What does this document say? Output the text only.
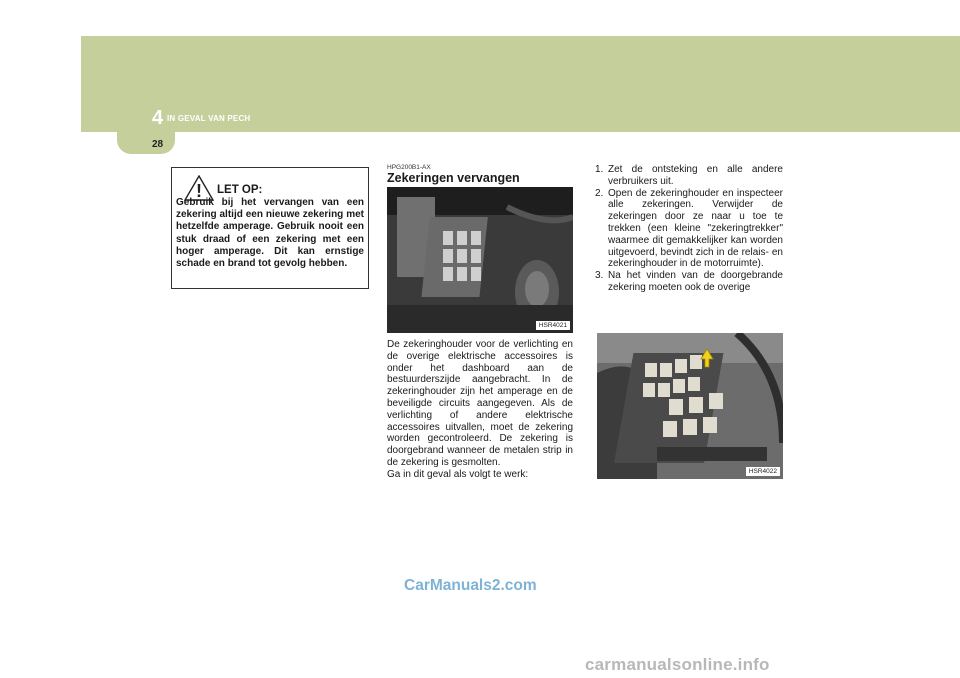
4 IN GEVAL VAN PECH
28
! LET OP:
Gebruik bij het vervangen van een zekering altijd een nieuwe zekering met hetzelfde amperage. Gebruik nooit een stuk draad of een zekering met een hoger amperage. Dit kan ernstige schade en brand tot gevolg hebben.
HPG200B1-AX
Zekeringen vervangen
HSR4021
De zekeringhouder voor de verlichting en de overige elektrische accessoires is onder het dashboard aan de bestuurderszijde aangebracht. In de zekeringhouder zijn het amperage en de beveiligde circuits aangegeven. Als de verlichting of andere elektrische accessoires uitvallen, moet de zekering worden gecontroleerd. De zekering is doorgebrand wanneer de metalen strip in de zekering is gesmolten.
Ga in dit geval als volgt te werk:
1. Zet de ontsteking en alle andere verbruikers uit.
2. Open de zekeringhouder en inspecteer alle zekeringen. Verwijder de zekeringen door ze naar u toe te trekken (een kleine "zekeringtrekker" waarmee dit gemakkelijker kan worden uitgevoerd, bevindt zich in de relais- en zekeringhouder in de motorruimte).
3. Na het vinden van de doorgebrande zekering moeten ook de overige
HSR4022
CarManuals2.com
carmanualsonline.info
